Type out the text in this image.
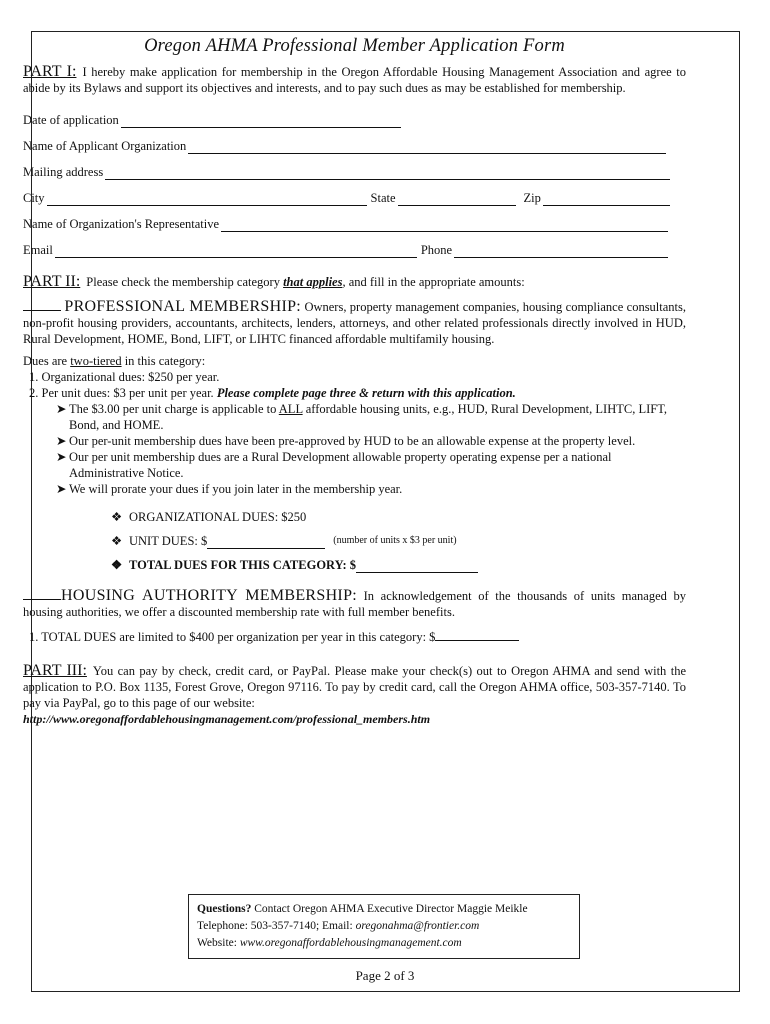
Oregon AHMA Professional Member Application Form

PART I: I hereby make application for membership in the Oregon Affordable Housing Management Association and agree to abide by its Bylaws and support its objectives and interests, and to pay such dues as may be established for membership.

Date of application
Name of Applicant Organization
Mailing address
City	State	Zip
Name of Organization's Representative
Email	Phone

PART II: Please check the membership category that applies, and fill in the appropriate amounts:

PROFESSIONAL MEMBERSHIP: Owners, property management companies, housing compliance consultants, non-profit housing providers, accountants, architects, lenders, attorneys, and other related professionals directly involved in HUD, Rural Development, HOME, Bond, LIFT, or LIHTC financed affordable multifamily housing.

Dues are two-tiered in this category:

1. Organizational dues: $250 per year.
2. Per unit dues: $3 per unit per year. Please complete page three & return with this application.
➤ The $3.00 per unit charge is applicable to ALL affordable housing units, e.g., HUD, Rural Development, LIHTC, LIFT, Bond, and HOME.
➤ Our per-unit membership dues have been pre-approved by HUD to be an allowable expense at the property level.
➤ Our per unit membership dues are a Rural Development allowable property operating expense per a national Administrative Notice.
➤ We will prorate your dues if you join later in the membership year.
❖ ORGANIZATIONAL DUES: $250
❖ UNIT DUES: $	(number of units x $3 per unit)
❖ TOTAL DUES FOR THIS CATEGORY: $

HOUSING AUTHORITY MEMBERSHIP: In acknowledgement of the thousands of units managed by housing authorities, we offer a discounted membership rate with full member benefits.

1. TOTAL DUES are limited to $400 per organization per year in this category: $

PART III: You can pay by check, credit card, or PayPal. Please make your check(s) out to Oregon AHMA and send with the application to P.O. Box 1135, Forest Grove, Oregon 97116. To pay by credit card, call the Oregon AHMA office, 503-357-7140. To pay via PayPal, go to this page of our website:

http://www.oregonaffordablehousingmanagement.com/professional_members.htm

Questions? Contact Oregon AHMA Executive Director Maggie Meikle
Telephone: 503-357-7140; Email: oregonahma@frontier.com
Website: www.oregonaffordablehousingmanagement.com
Page 2 of 3
